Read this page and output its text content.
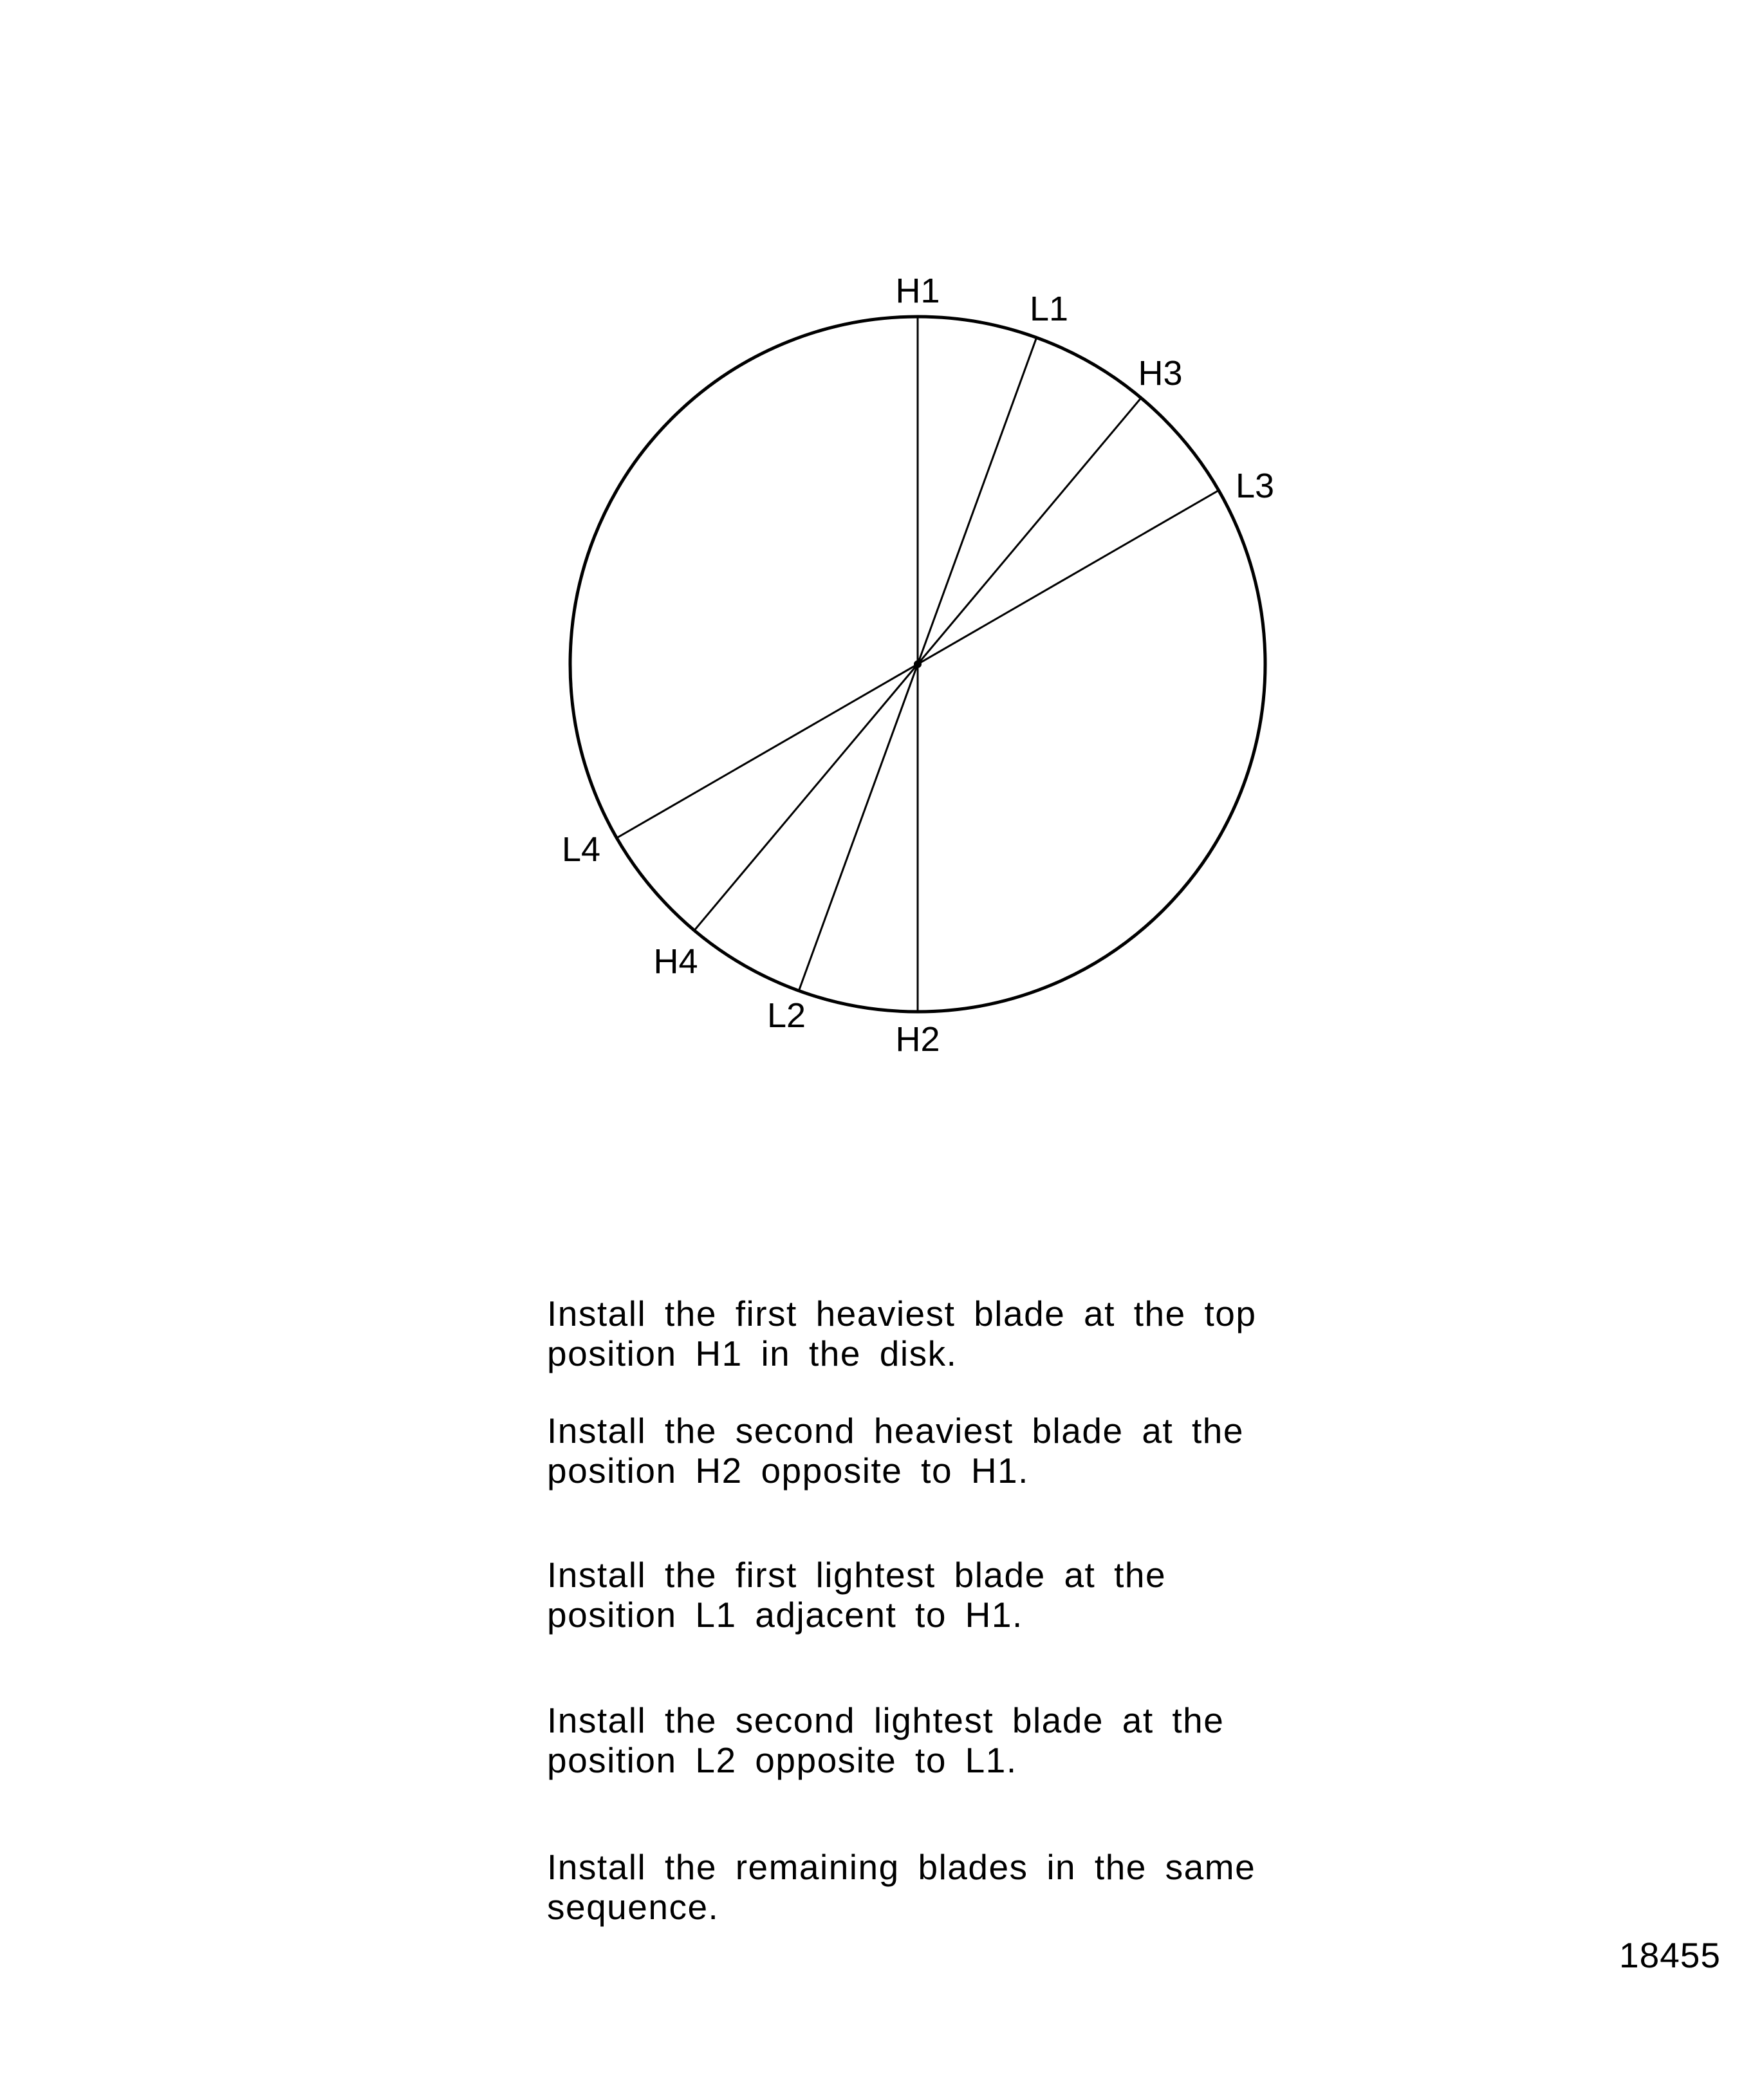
H1	L1
H3
L3
H2
L2
H4
L4

Install the first heaviest blade at the top
position H1 in the disk.

Install the second heaviest blade at the
position H2 opposite to H1.

Install the first lightest blade at the
position L1 adjacent to H1.

Install the second lightest blade at the
position L2 opposite to L1.

Install the remaining blades in the same
sequence.

18455
